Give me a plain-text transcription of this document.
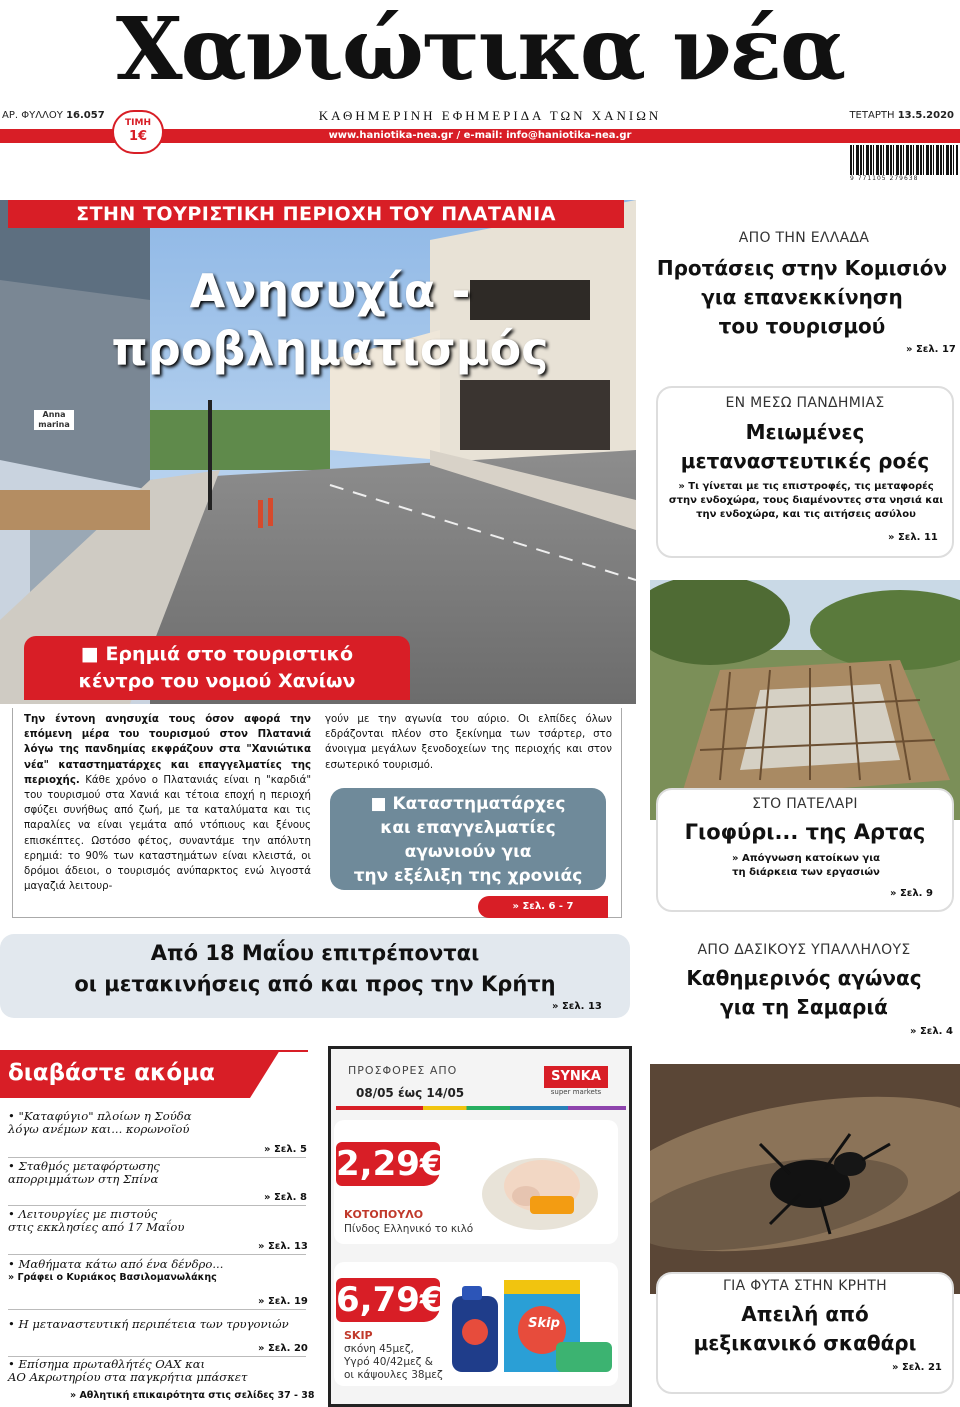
Χανιώτικα νέα
ΑΡ. ΦΥΛΛΟΥ 16.057	ΚΑΘΗΜΕΡΙΝΗ ΕΦΗΜΕΡΙΔΑ ΤΩΝ ΧΑΝΙΩΝ	ΤΕΤΑΡΤΗ 13.5.2020
www.haniotika-nea.gr / e-mail: info@haniotika-nea.gr
ΤΙΜΗ
1€
9 771105 279638
ΣΤΗΝ ΤΟΥΡΙΣΤΙΚΗ ΠΕΡΙΟΧΗ ΤΟΥ ΠΛΑΤΑΝΙΑ
Ανησυχία -
προβληματισμός
Anna
marina
■ Ερημιά στο τουριστικό
κέντρο του νομού Χανίων
Την έντονη ανησυχία τους όσον αφορά την επόμενη μέρα του τουρισμού στον Πλατανιά λόγω της πανδημίας εκφράζουν στα "Χανιώτικα νέα" καταστηματάρχες και επαγγελματίες της περιοχής. Κάθε χρόνο ο Πλατανιάς είναι η "καρδιά" του τουρισμού στα Χανιά και τέτοια εποχή η περιοχή σφύζει συνήθως από ζωή, με τα καταλύματα και τις παραλίες να είναι γεμάτα από ντόπιους και ξένους επισκέπτες. Ωστόσο φέτος, συναντάμε την απόλυτη ερημιά: το 90% των καταστημάτων είναι κλειστά, οι δρόμοι άδειοι, ο τουρισμός ανύπαρκτος ενώ λιγοστά μαγαζιά λειτουρ-
γούν με την αγωνία του αύριο. Οι ελπίδες όλων εδράζονται πλέον στο ξεκίνημα των τσάρτερ, στο άνοιγμα μεγάλων ξενοδοχείων της περιοχής και στον εσωτερικό τουρισμό.
■ Καταστηματάρχες
και επαγγελματίες
αγωνιούν για
την εξέλιξη της χρονιάς
» Σελ. 6 - 7
Από 18 Μαΐου επιτρέπονται
οι μετακινήσεις από και προς την Κρήτη
» Σελ. 13
ΑΠΟ ΤΗΝ ΕΛΛΑΔΑ
Προτάσεις στην Κομισιόν
για επανεκκίνηση
του τουρισμού
» Σελ. 17
ΕΝ ΜΕΣΩ ΠΑΝΔΗΜΙΑΣ
Μειωμένες
μεταναστευτικές ροές
» Τι γίνεται με τις επιστροφές, τις μεταφορές στην ενδοχώρα, τους διαμένοντες στα νησιά και την ενδοχώρα, και τις αιτήσεις ασύλου
» Σελ. 11
ΣΤΟ ΠΑΤΕΛΑΡΙ
Γιοφύρι... της Αρτας
» Απόγνωση κατοίκων για
τη διάρκεια των εργασιών
» Σελ. 9
ΑΠΟ ΔΑΣΙΚΟΥΣ ΥΠΑΛΛΗΛΟΥΣ
Καθημερινός αγώνας
για τη Σαμαριά
» Σελ. 4
ΓΙΑ ΦΥΤΑ ΣΤΗΝ ΚΡΗΤΗ
Απειλή από
μεξικανικό σκαθάρι
» Σελ. 21
διαβάστε ακόμα
• "Καταφύγιο" πλοίων η Σούδα
λόγω ανέμων και... κορωνοϊού
» Σελ. 5
• Σταθμός μεταφόρτωσης
απορριμμάτων στη Σπίνα
» Σελ. 8
• Λειτουργίες με πιστούς
στις εκκλησίες από 17 Μαΐου
» Σελ. 13
• Μαθήματα κάτω από ένα δένδρο...
» Γράφει ο Κυριάκος Βασιλομανωλάκης
» Σελ. 19
• Η μεταναστευτική περιπέτεια των τρυγονιών
» Σελ. 20
• Επίσημα πρωταθλήτές ΟΑΧ και
ΑΟ Ακρωτηρίου στα παγκρήτια μπάσκετ
» Αθλητική επικαιρότητα στις σελίδες 37 - 38
ΠΡΟΣΦΟΡΕΣ ΑΠΟ
08/05 έως 14/05
SYNKA
super markets
2,29€
ΚΟΤΟΠΟΥΛΟ
Πίνδος Ελληνικό το κιλό
6,79€
SKIP
σκόνη 45μεζ,
Υγρό 40/42μεζ &
οι κάψουλες 38μεζ
Skip
